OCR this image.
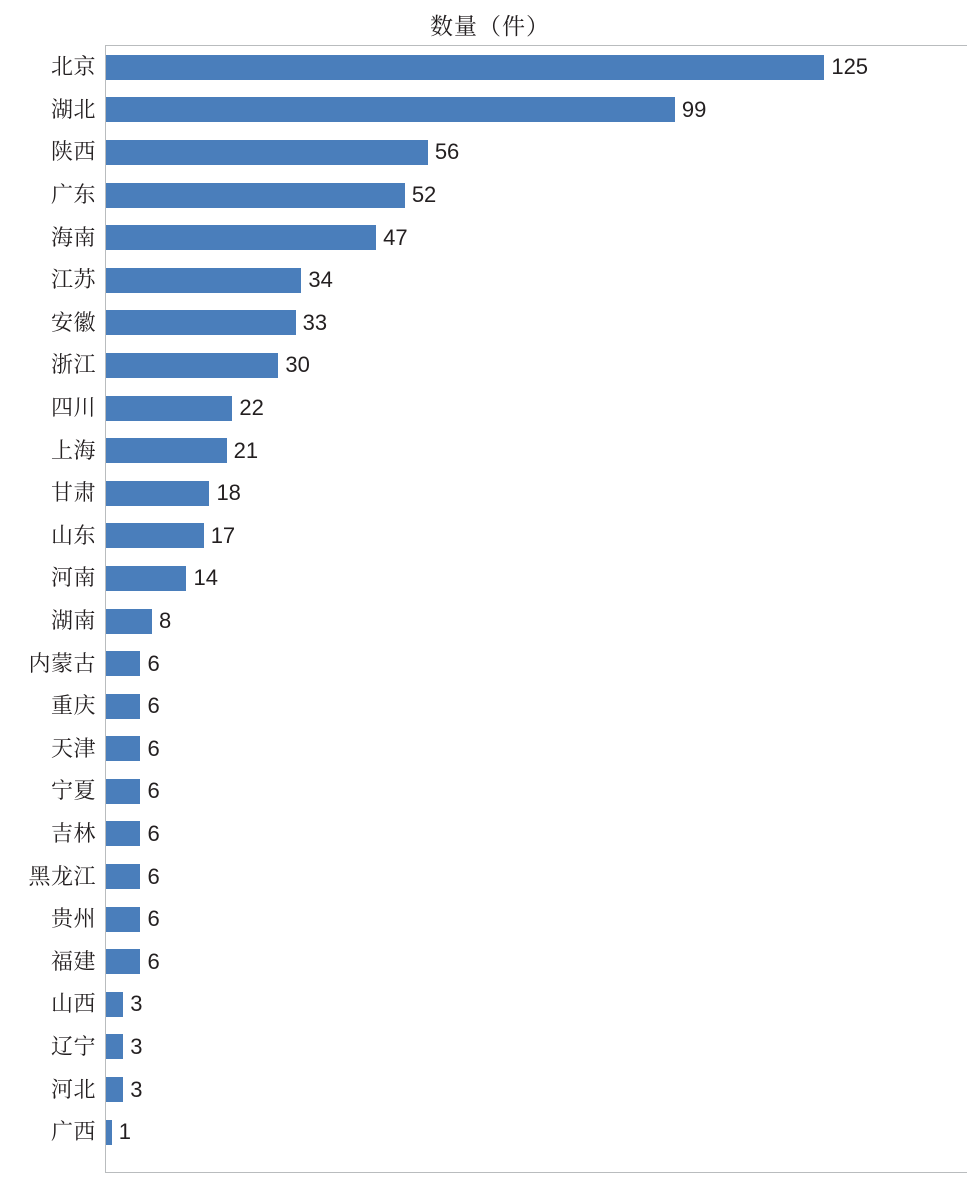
数量（件）
北京	125
湖北	99
陕西	56
广东	52
海南	47
江苏	34
安徽	33
浙江	30
四川	22
上海	21
甘肃	18
山东	17
河南	14
湖南	8
内蒙古 6
重庆 6
天津 6
宁夏 6
吉林 6
黑龙江 6
贵州 6
福建 6
山西 3
辽宁 3
河北 3
广西 1
